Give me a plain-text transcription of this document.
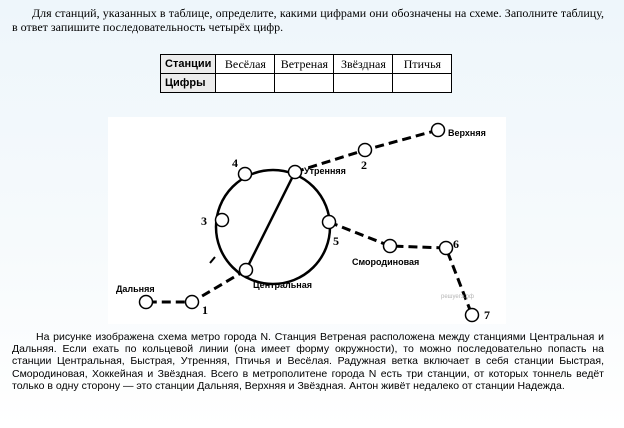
Для станций, указанных в таблице, определите, какими цифрами они обозначены на схеме. Заполните таблицу, в ответ запишите последовательность четырёх цифр.
Станции	Весёлая	Ветреная	Звёздная	Птичья
Цифры				
4
3
5
2
6
7
1
Верхняя
Утренняя
Смородиновая
Центральная
Дальняя
решуегэ.рф
На рисунке изображена схема метро города N. Станция Ветреная расположена между станциями Центральная и Дальняя. Если ехать по кольцевой линии (она имеет форму окружности), то можно последовательно попасть на станции Центральная, Быстрая, Утренняя, Птичья и Весёлая. Радужная ветка включает в себя станции Быстрая, Смородиновая, Хоккейная и Звёздная. Всего в метрополитене города N есть три станции, от которых тоннель ведёт только в одну сторону — это станции Дальняя, Верхняя и Звёздная. Антон живёт недалеко от станции Надежда.
